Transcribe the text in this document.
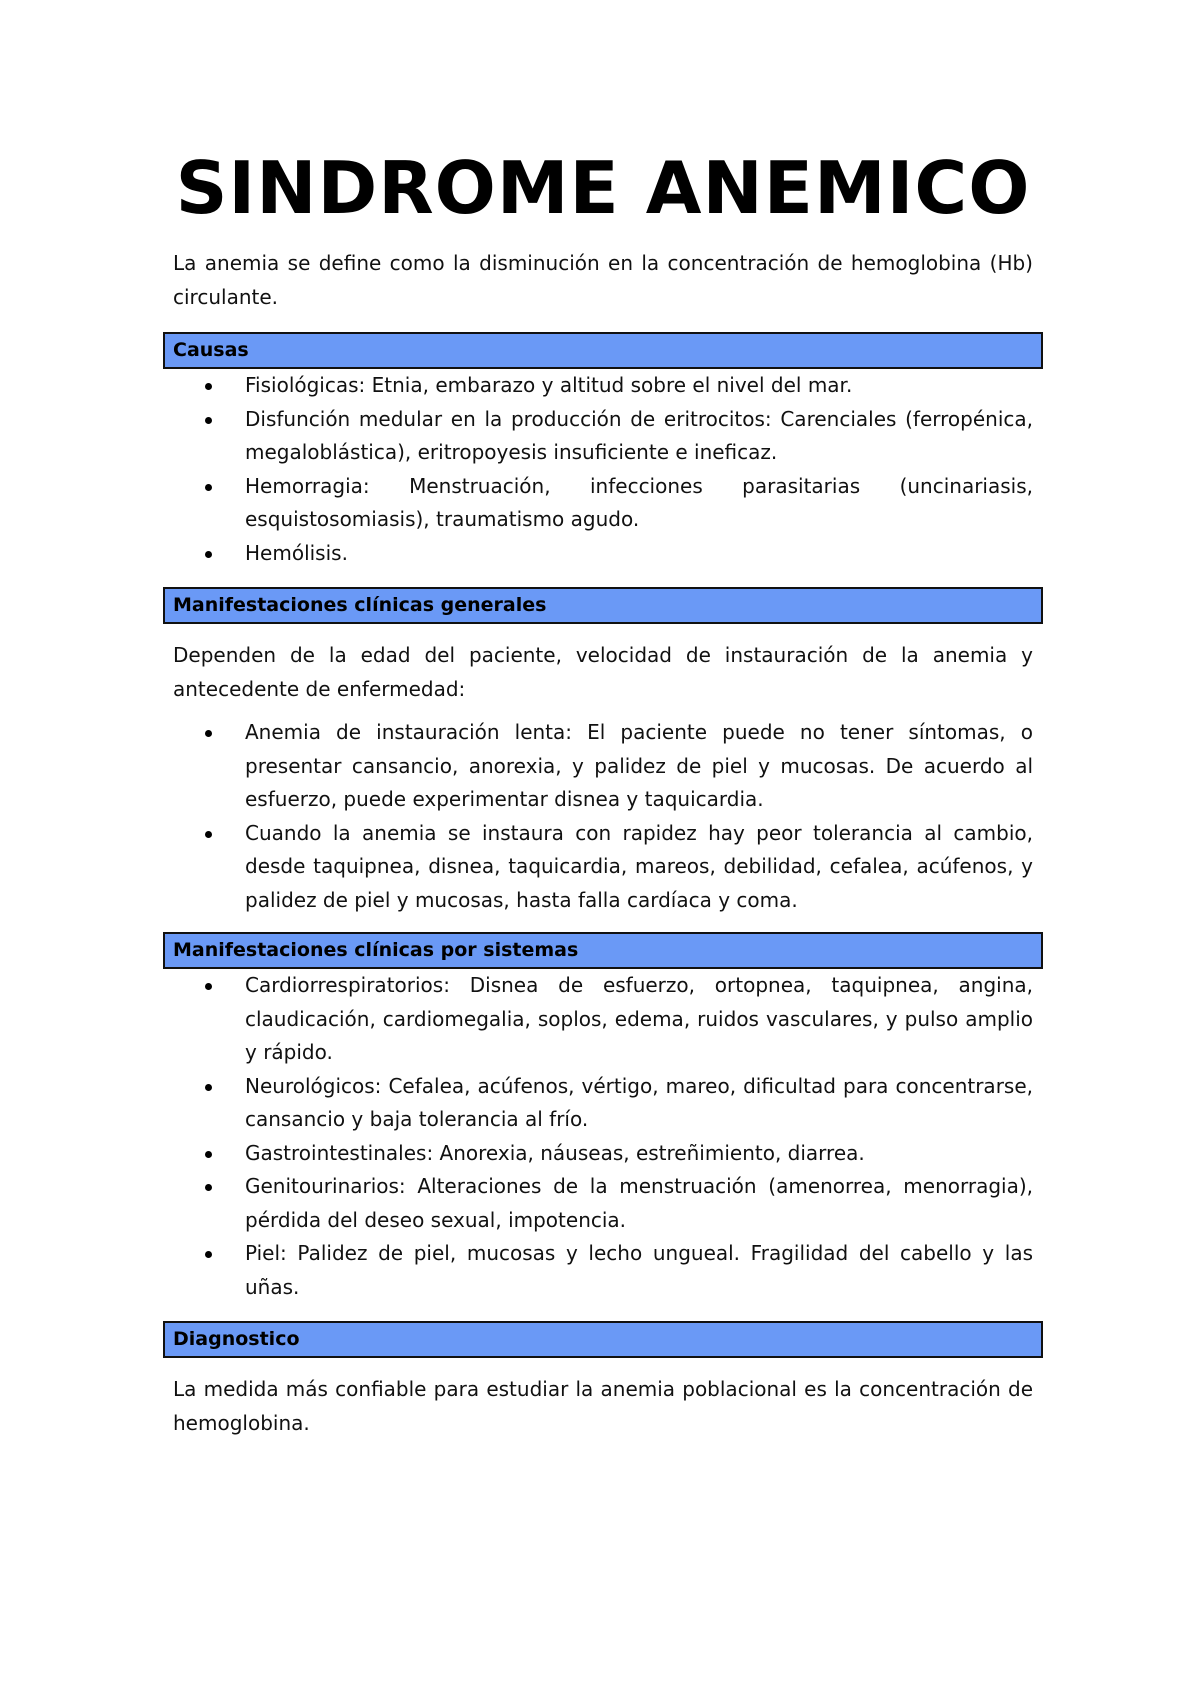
SINDROME ANEMICO

La anemia se define como la disminución en la concentración de hemoglobina (Hb) circulante.

Causas
Fisiológicas: Etnia, embarazo y altitud sobre el nivel del mar.
Disfunción medular en la producción de eritrocitos: Carenciales (ferropénica, megaloblástica), eritropoyesis insuficiente e ineficaz.
Hemorragia: Menstruación, infecciones parasitarias (uncinariasis, esquistosomiasis), traumatismo agudo.
Hemólisis.
Manifestaciones clínicas generales

Dependen de la edad del paciente, velocidad de instauración de la anemia y antecedente de enfermedad:

Anemia de instauración lenta: El paciente puede no tener síntomas, o presentar cansancio, anorexia, y palidez de piel y mucosas. De acuerdo al esfuerzo, puede experimentar disnea y taquicardia.
Cuando la anemia se instaura con rapidez hay peor tolerancia al cambio, desde taquipnea, disnea, taquicardia, mareos, debilidad, cefalea, acúfenos, y palidez de piel y mucosas, hasta falla cardíaca y coma.
Manifestaciones clínicas por sistemas
Cardiorrespiratorios: Disnea de esfuerzo, ortopnea, taquipnea, angina, claudicación, cardiomegalia, soplos, edema, ruidos vasculares, y pulso amplio y rápido.
Neurológicos: Cefalea, acúfenos, vértigo, mareo, dificultad para concentrarse, cansancio y baja tolerancia al frío.
Gastrointestinales: Anorexia, náuseas, estreñimiento, diarrea.
Genitourinarios: Alteraciones de la menstruación (amenorrea, menorragia), pérdida del deseo sexual, impotencia.
Piel: Palidez de piel, mucosas y lecho ungueal. Fragilidad del cabello y las uñas.
Diagnostico

La medida más confiable para estudiar la anemia poblacional es la concentración de hemoglobina.
